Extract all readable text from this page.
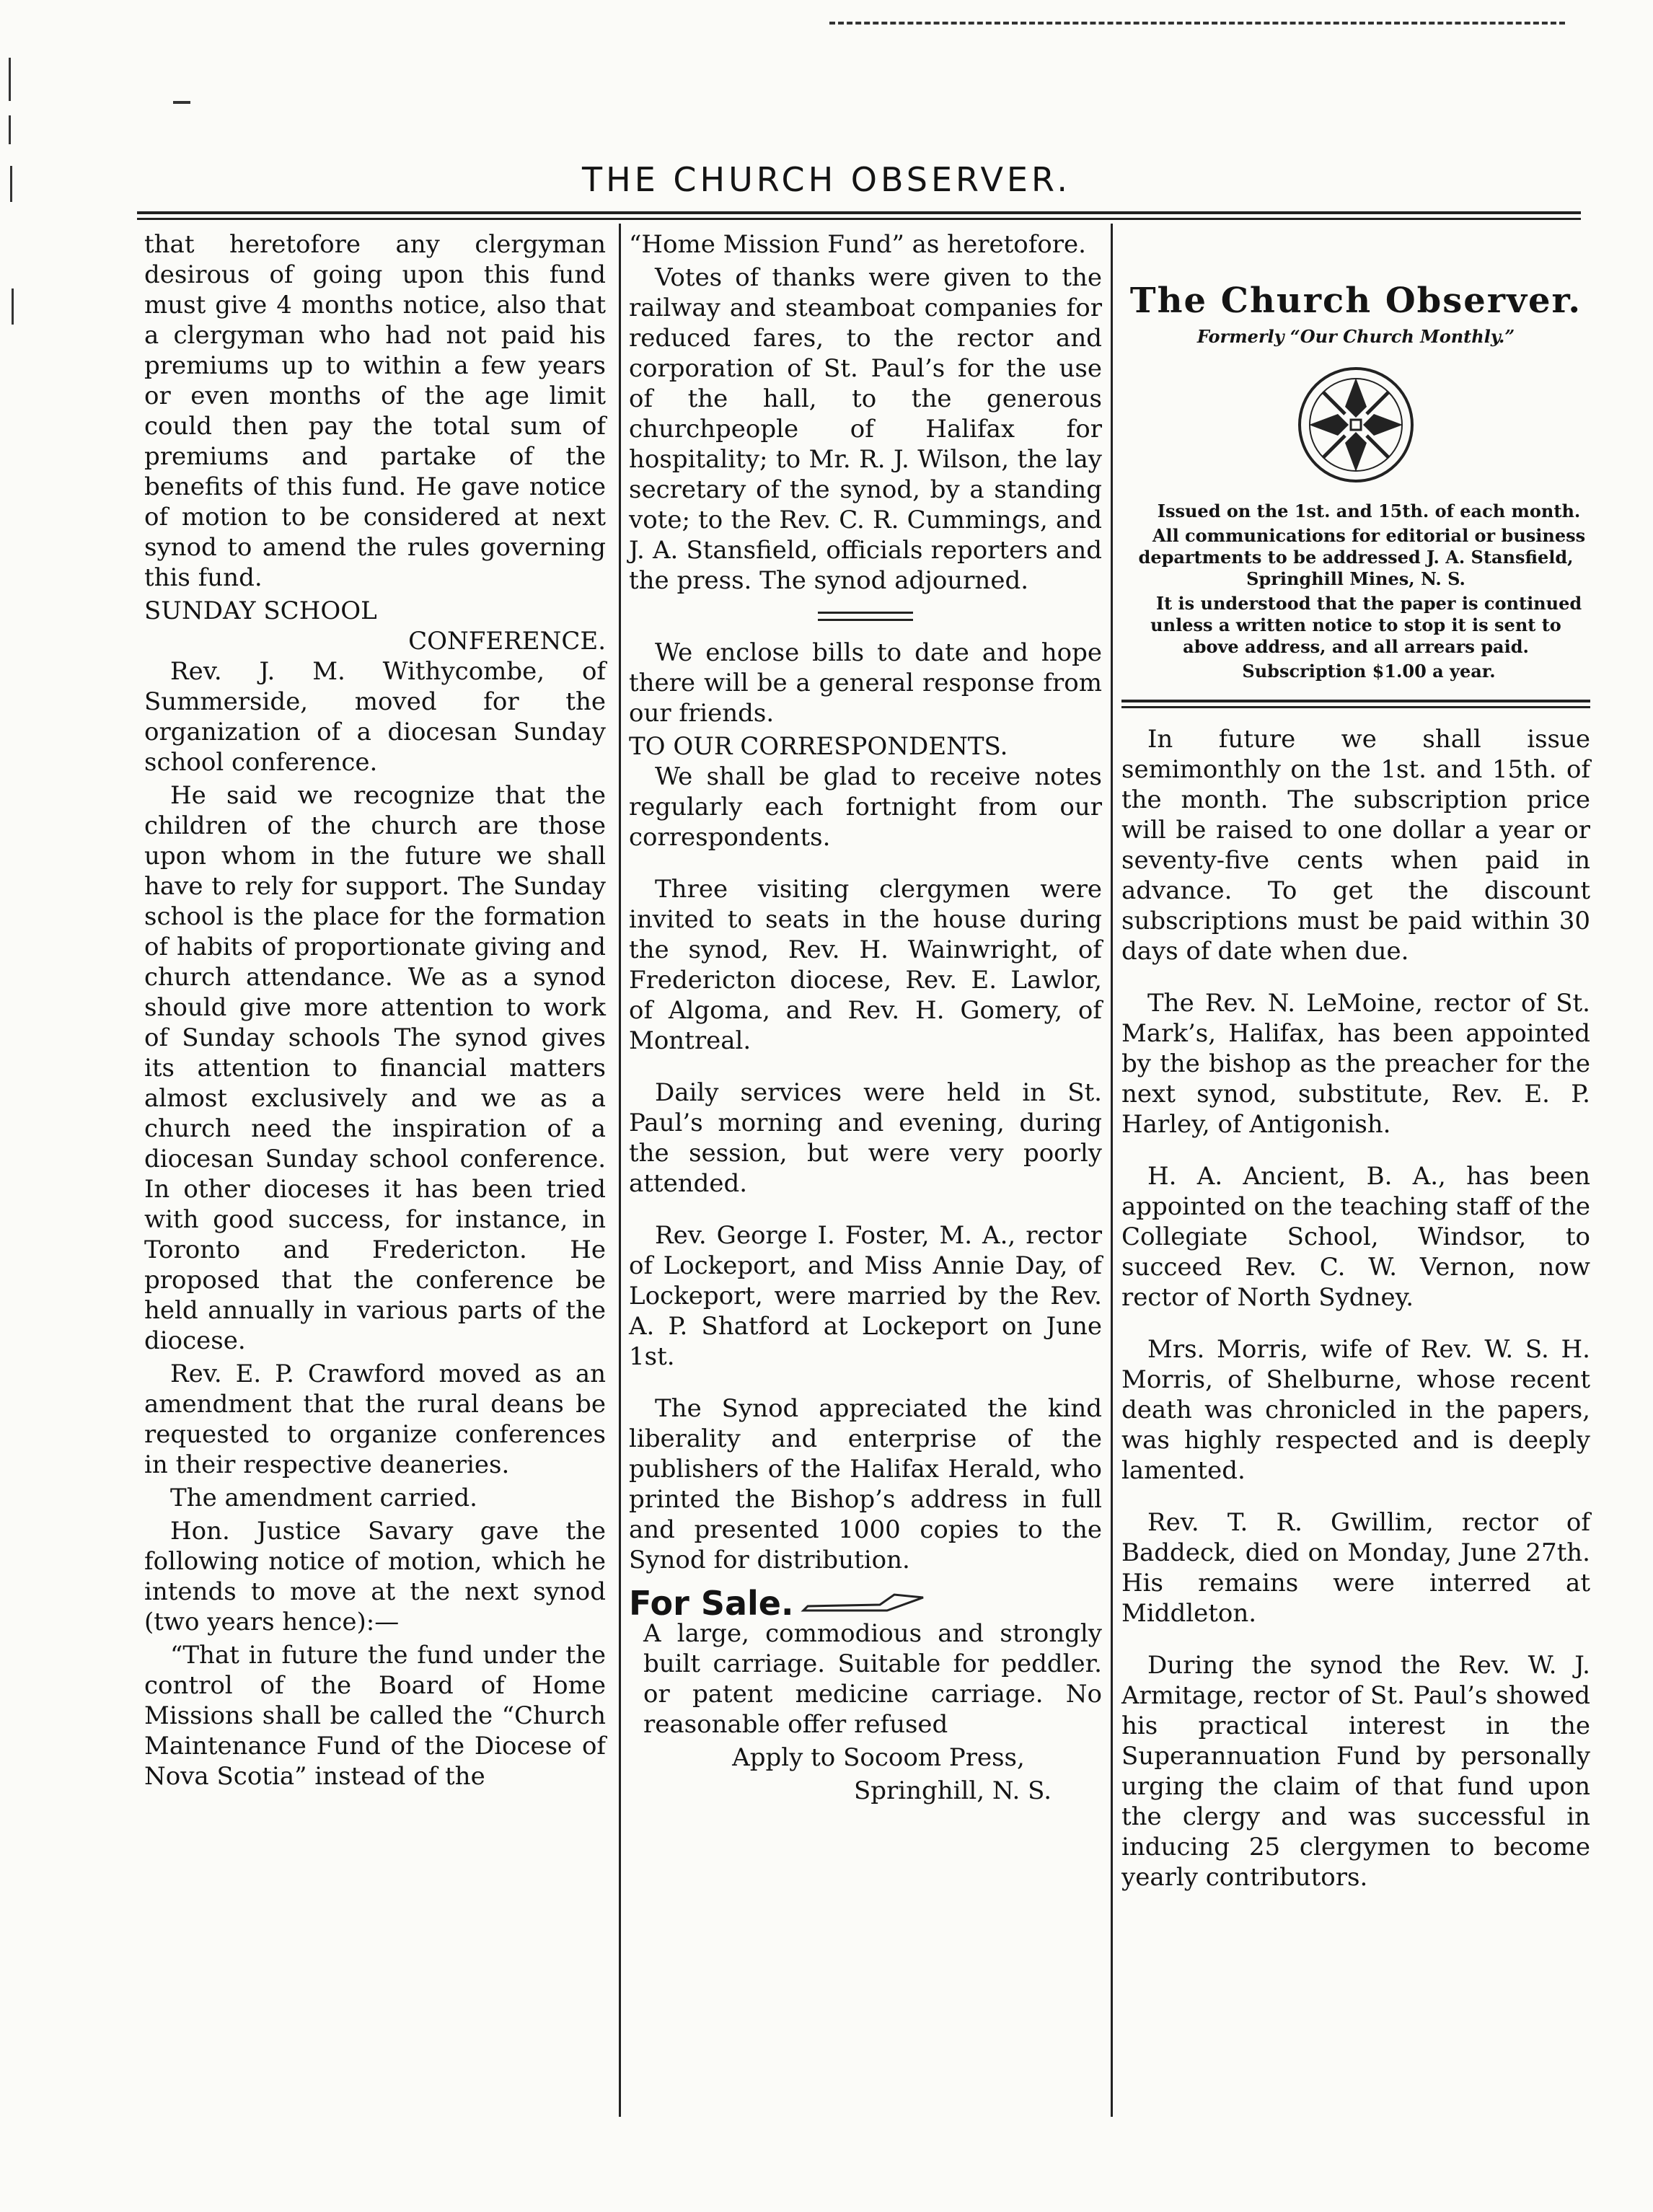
THE CHURCH OBSERVER.

that heretofore any clergyman desirous of going upon this fund must give 4 months notice, also that a clergyman who had not paid his premiums up to within a few years or even months of the age limit could then pay the total sum of premiums and partake of the benefits of this fund. He gave notice of motion to be considered at next synod to amend the rules governing this fund.

SUNDAY SCHOOL

CONFERENCE.

Rev. J. M. Withycombe, of Summerside, moved for the organization of a diocesan Sunday school conference.

He said we recognize that the children of the church are those upon whom in the future we shall have to rely for support. The Sunday school is the place for the formation of habits of proportionate giving and church attendance. We as a synod should give more attention to work of Sunday schools The synod gives its attention to financial matters almost exclusively and we as a church need the inspiration of a diocesan Sunday school conference. In other dioceses it has been tried with good success, for instance, in Toronto and Fredericton. He proposed that the conference be held annually in various parts of the diocese.

Rev. E. P. Crawford moved as an amendment that the rural deans be requested to organize conferences in their respective deaneries.

The amendment carried.

Hon. Justice Savary gave the following notice of motion, which he intends to move at the next synod (two years hence):—

“That in future the fund under the control of the Board of Home Missions shall be called the “Church Maintenance Fund of the Diocese of Nova Scotia” instead of the

“Home Mission Fund” as heretofore.

Votes of thanks were given to the railway and steamboat companies for reduced fares, to the rector and corporation of St. Paul’s for the use of the hall, to the generous churchpeople of Halifax for hospitality; to Mr. R. J. Wilson, the lay secretary of the synod, by a standing vote; to the Rev. C. R. Cummings, and J. A. Stansfield, officials reporters and the press. The synod adjourned.

We enclose bills to date and hope there will be a general response from our friends.

TO OUR CORRESPONDENTS.

We shall be glad to receive notes regularly each fortnight from our correspondents.

Three visiting clergymen were invited to seats in the house during the synod, Rev. H. Wainwright, of Fredericton diocese, Rev. E. Lawlor, of Algoma, and Rev. H. Gomery, of Montreal.

Daily services were held in St. Paul’s morning and evening, during the session, but were very poorly attended.

Rev. George I. Foster, M. A., rector of Lockeport, and Miss Annie Day, of Lockeport, were married by the Rev. A. P. Shatford at Lockeport on June 1st.

The Synod appreciated the kind liberality and enterprise of the publishers of the Halifax Herald, who printed the Bishop’s address in full and presented 1000 copies to the Synod for distribution.

For Sale.

A large, commodious and strongly built carriage. Suitable for peddler. or patent medicine carriage. No reasonable offer refused

Apply to Socoom Press,

Springhill, N. S.

The Church Observer.
Formerly “Our Church Monthly.”

Issued on the 1st. and 15th. of each month.

All communications for editorial or business departments to be addressed J. A. Stansfield, Springhill Mines, N. S.

It is understood that the paper is continued unless a written notice to stop it is sent to above address, and all arrears paid.

Subscription $1.00 a year.

In future we shall issue semimonthly on the 1st. and 15th. of the month. The subscription price will be raised to one dollar a year or seventy-five cents when paid in advance. To get the discount subscriptions must be paid within 30 days of date when due.

The Rev. N. LeMoine, rector of St. Mark’s, Halifax, has been appointed by the bishop as the preacher for the next synod, substitute, Rev. E. P. Harley, of Antigonish.

H. A. Ancient, B. A., has been appointed on the teaching staff of the Collegiate School, Windsor, to succeed Rev. C. W. Vernon, now rector of North Sydney.

Mrs. Morris, wife of Rev. W. S. H. Morris, of Shelburne, whose recent death was chronicled in the papers, was highly respected and is deeply lamented.

Rev. T. R. Gwillim, rector of Baddeck, died on Monday, June 27th. His remains were interred at Middleton.

During the synod the Rev. W. J. Armitage, rector of St. Paul’s showed his practical interest in the Superannuation Fund by personally urging the claim of that fund upon the clergy and was successful in inducing 25 clergymen to become yearly contributors.
